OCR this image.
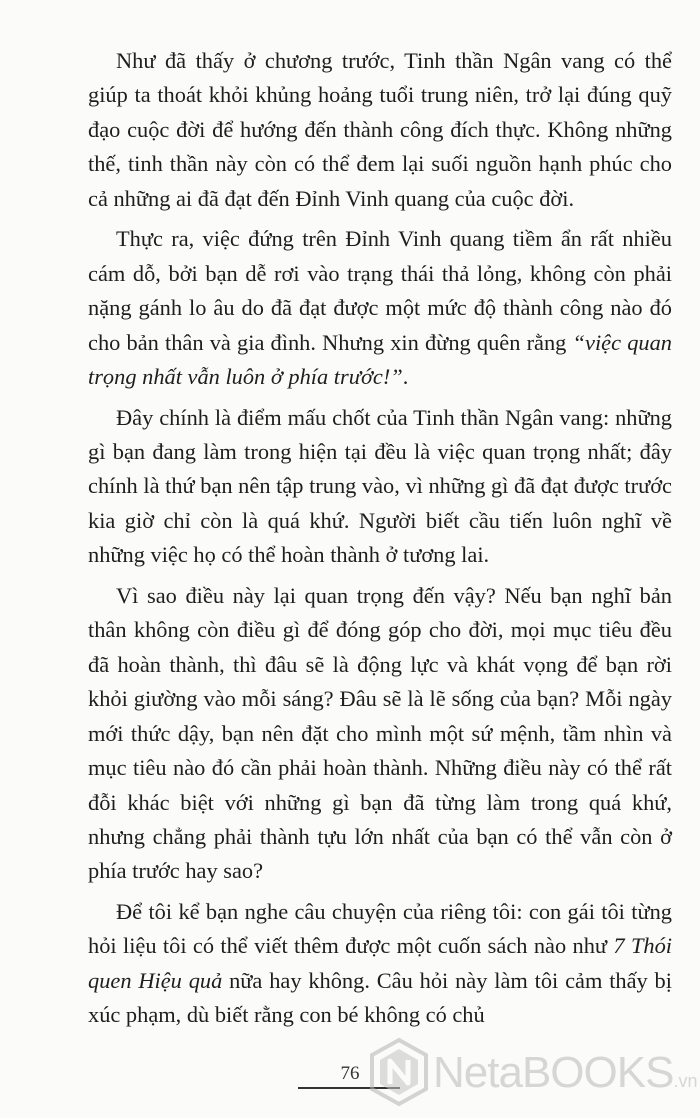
Như đã thấy ở chương trước, Tinh thần Ngân vang có thể giúp ta thoát khỏi khủng hoảng tuổi trung niên, trở lại đúng quỹ đạo cuộc đời để hướng đến thành công đích thực. Không những thế, tinh thần này còn có thể đem lại suối nguồn hạnh phúc cho cả những ai đã đạt đến Đỉnh Vinh quang của cuộc đời.

Thực ra, việc đứng trên Đỉnh Vinh quang tiềm ẩn rất nhiều cám dỗ, bởi bạn dễ rơi vào trạng thái thả lỏng, không còn phải nặng gánh lo âu do đã đạt được một mức độ thành công nào đó cho bản thân và gia đình. Nhưng xin đừng quên rằng “việc quan trọng nhất vẫn luôn ở phía trước!”.

Đây chính là điểm mấu chốt của Tinh thần Ngân vang: những gì bạn đang làm trong hiện tại đều là việc quan trọng nhất; đây chính là thứ bạn nên tập trung vào, vì những gì đã đạt được trước kia giờ chỉ còn là quá khứ. Người biết cầu tiến luôn nghĩ về những việc họ có thể hoàn thành ở tương lai.

Vì sao điều này lại quan trọng đến vậy? Nếu bạn nghĩ bản thân không còn điều gì để đóng góp cho đời, mọi mục tiêu đều đã hoàn thành, thì đâu sẽ là động lực và khát vọng để bạn rời khỏi giường vào mỗi sáng? Đâu sẽ là lẽ sống của bạn? Mỗi ngày mới thức dậy, bạn nên đặt cho mình một sứ mệnh, tầm nhìn và mục tiêu nào đó cần phải hoàn thành. Những điều này có thể rất đỗi khác biệt với những gì bạn đã từng làm trong quá khứ, nhưng chẳng phải thành tựu lớn nhất của bạn có thể vẫn còn ở phía trước hay sao?

Để tôi kể bạn nghe câu chuyện của riêng tôi: con gái tôi từng hỏi liệu tôi có thể viết thêm được một cuốn sách nào như 7 Thói quen Hiệu quả nữa hay không. Câu hỏi này làm tôi cảm thấy bị xúc phạm, dù biết rằng con bé không có chủ

76 NetaBOOKS.vn
